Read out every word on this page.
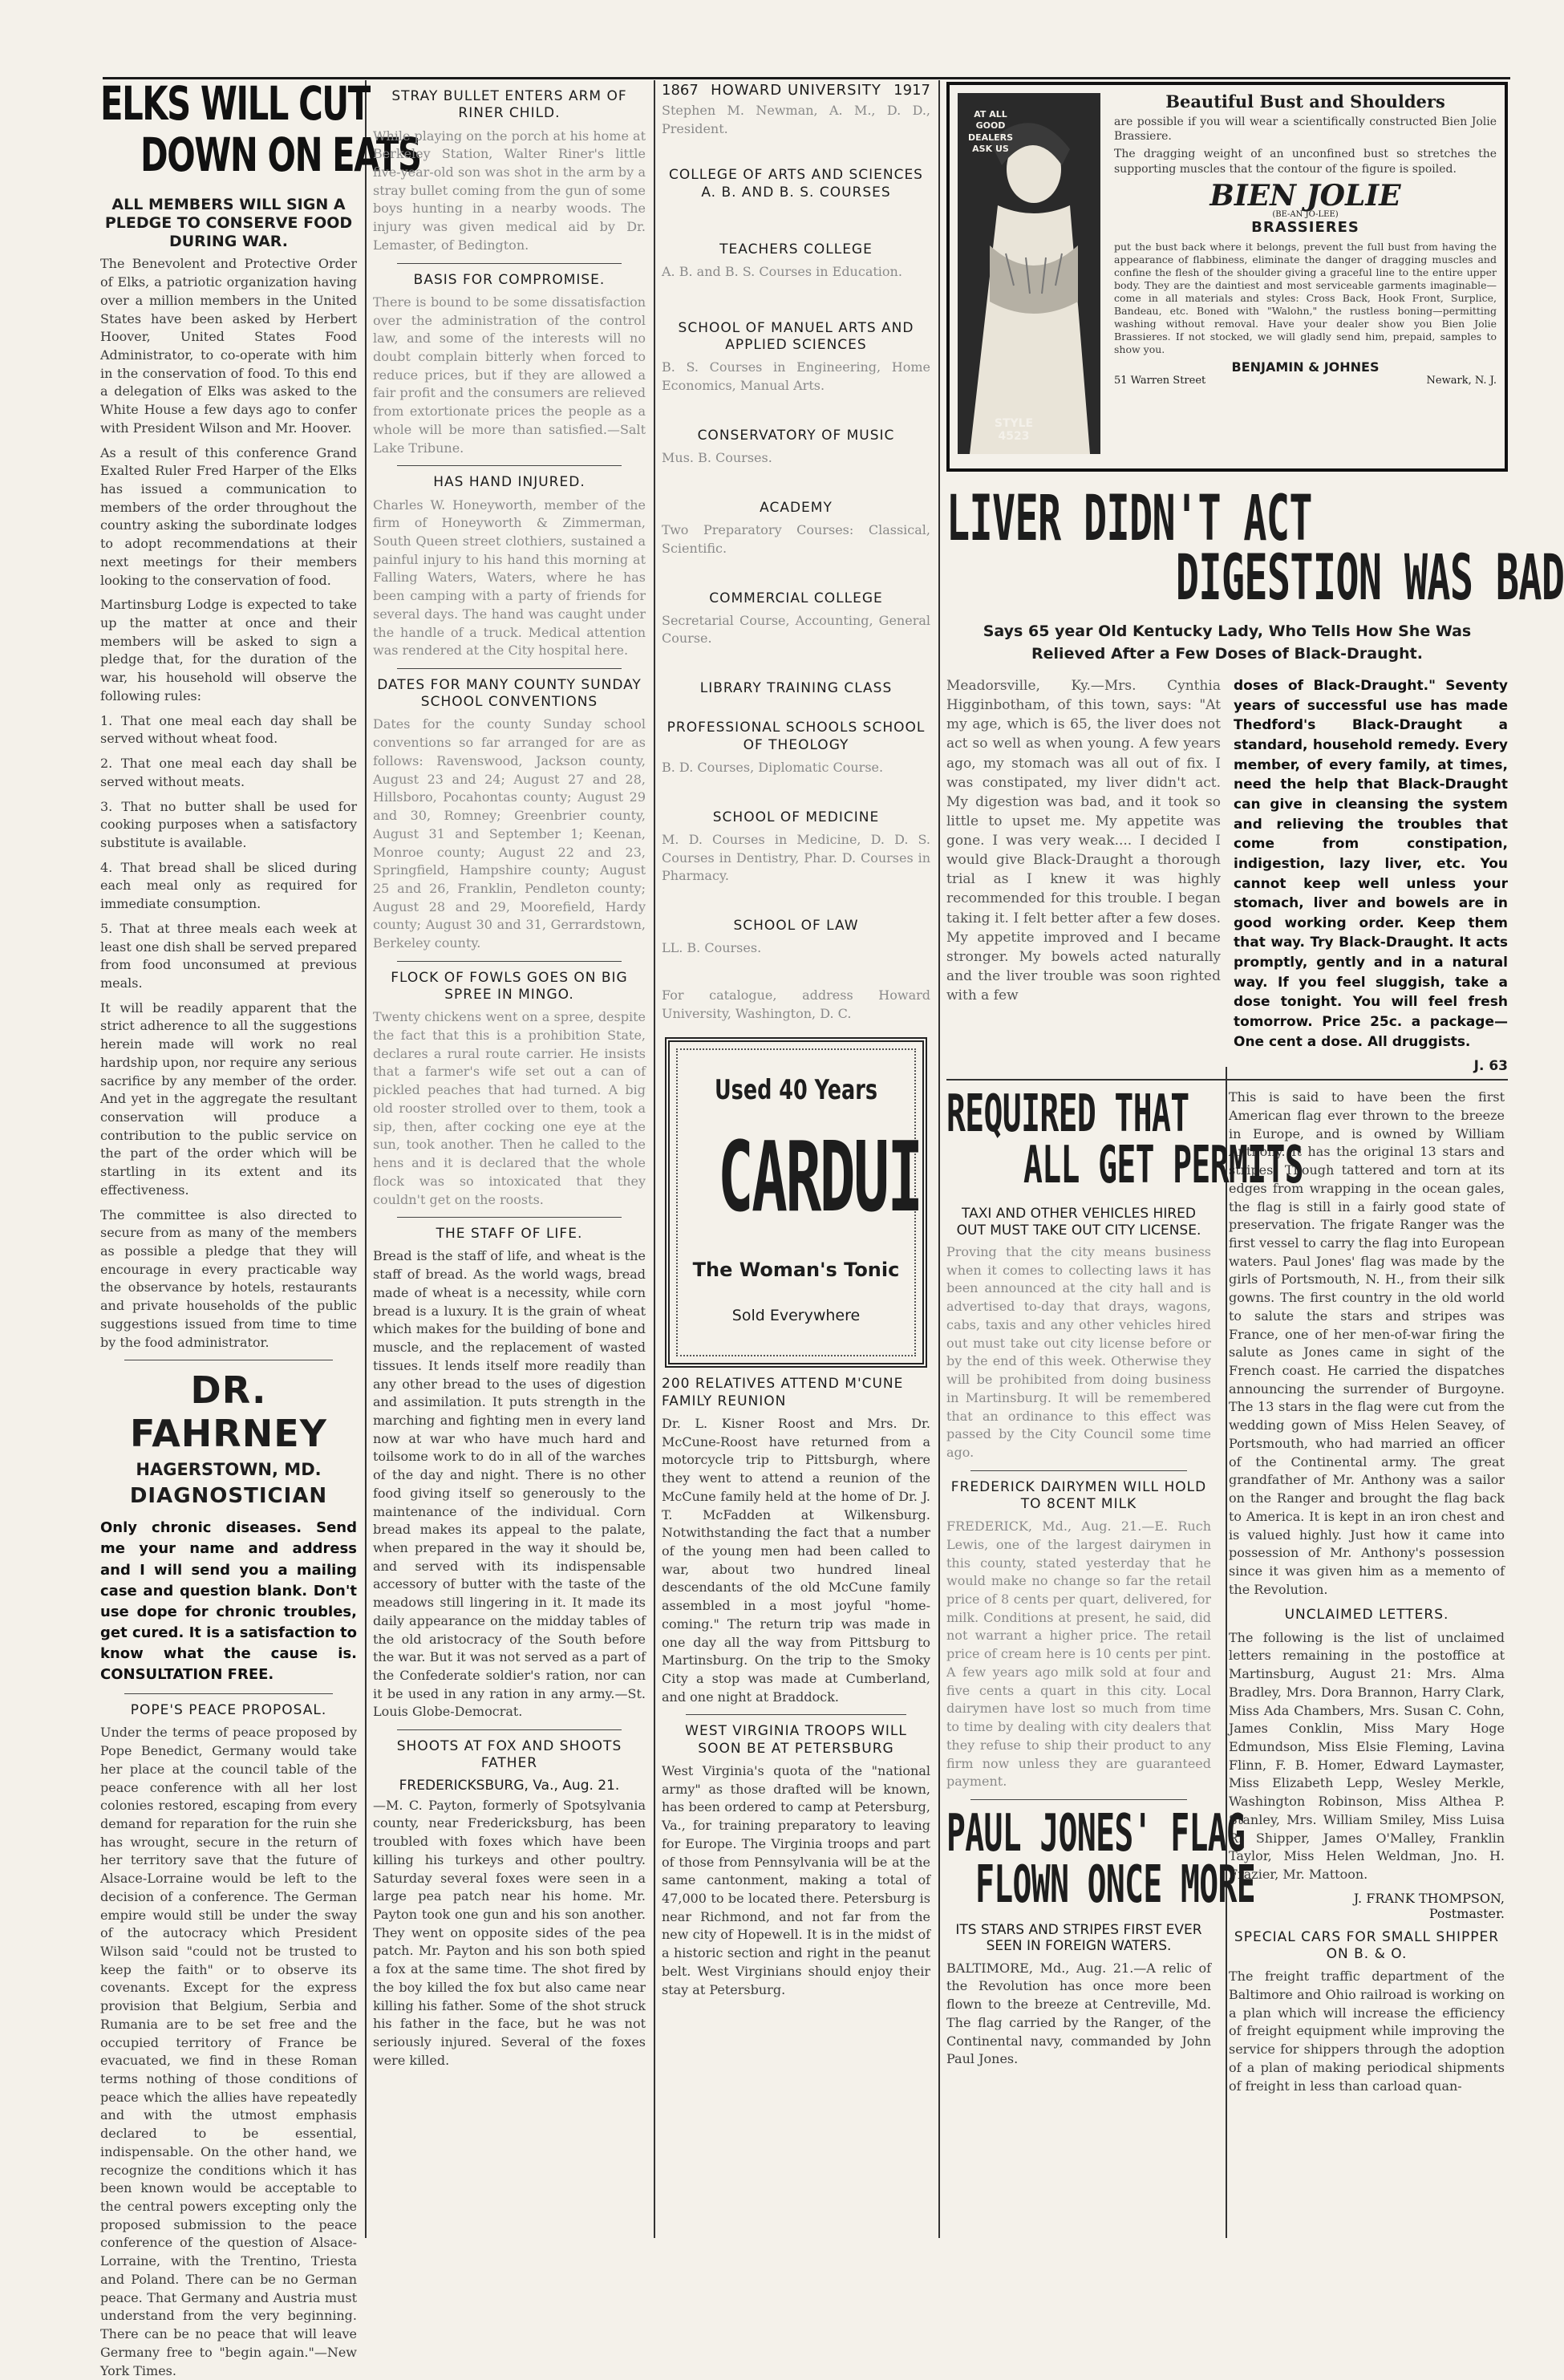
ELKS WILL CUT
DOWN ON EATS
ALL MEMBERS WILL SIGN A PLEDGE TO CONSERVE FOOD DURING WAR.

The Benevolent and Protective Order of Elks, a patriotic organization having over a million members in the United States have been asked by Herbert Hoover, United States Food Administrator, to co-operate with him in the conservation of food. To this end a delegation of Elks was asked to the White House a few days ago to confer with President Wilson and Mr. Hoover.

As a result of this conference Grand Exalted Ruler Fred Harper of the Elks has issued a communication to members of the order throughout the country asking the subordinate lodges to adopt recommendations at their next meetings for their members looking to the conservation of food.

Martinsburg Lodge is expected to take up the matter at once and their members will be asked to sign a pledge that, for the duration of the war, his household will observe the following rules:

1. That one meal each day shall be served without wheat food.

2. That one meal each day shall be served without meats.

3. That no butter shall be used for cooking purposes when a satisfactory substitute is available.

4. That bread shall be sliced during each meal only as required for immediate consumption.

5. That at three meals each week at least one dish shall be served prepared from food unconsumed at previous meals.

It will be readily apparent that the strict adherence to all the suggestions herein made will work no real hardship upon, nor require any serious sacrifice by any member of the order. And yet in the aggregate the resultant conservation will produce a contribution to the public service on the part of the order which will be startling in its extent and its effectiveness.

The committee is also directed to secure from as many of the members as possible a pledge that they will encourage in every practicable way the observance by hotels, restaurants and private households of the public suggestions issued from time to time by the food administrator.

DR. FAHRNEY
HAGERSTOWN, MD.
DIAGNOSTICIAN

Only chronic diseases. Send me your name and address and I will send you a mailing case and question blank. Don't use dope for chronic troubles, get cured. It is a satisfaction to know what the cause is. CONSULTATION FREE.

POPE'S PEACE PROPOSAL.

Under the terms of peace proposed by Pope Benedict, Germany would take her place at the council table of the peace conference with all her lost colonies restored, escaping from every demand for reparation for the ruin she has wrought, secure in the return of her territory save that the future of Alsace-Lorraine would be left to the decision of a conference. The German empire would still be under the sway of the autocracy which President Wilson said "could not be trusted to keep the faith" or to observe its covenants. Except for the express provision that Belgium, Serbia and Rumania are to be set free and the occupied territory of France be evacuated, we find in these Roman terms nothing of those conditions of peace which the allies have repeatedly and with the utmost emphasis declared to be essential, indispensable. On the other hand, we recognize the conditions which it has been known would be acceptable to the central powers excepting only the proposed submission to the peace conference of the question of Alsace-Lorraine, with the Trentino, Triesta and Poland. There can be no German peace. That Germany and Austria must understand from the very beginning. There can be no peace that will leave Germany free to "begin again."—New York Times.

STRAY BULLET ENTERS ARM OF RINER CHILD.

While playing on the porch at his home at Berkeley Station, Walter Riner's little five-year-old son was shot in the arm by a stray bullet coming from the gun of some boys hunting in a nearby woods. The injury was given medical aid by Dr. Lemaster, of Bedington.

BASIS FOR COMPROMISE.

There is bound to be some dissatisfaction over the administration of the control law, and some of the interests will no doubt complain bitterly when forced to reduce prices, but if they are allowed a fair profit and the consumers are relieved from extortionate prices the people as a whole will be more than satisfied.—Salt Lake Tribune.

HAS HAND INJURED.

Charles W. Honeyworth, member of the firm of Honeyworth & Zimmerman, South Queen street clothiers, sustained a painful injury to his hand this morning at Falling Waters, Waters, where he has been camping with a party of friends for several days. The hand was caught under the handle of a truck. Medical attention was rendered at the City hospital here.

DATES FOR MANY COUNTY SUNDAY SCHOOL CONVENTIONS

Dates for the county Sunday school conventions so far arranged for are as follows: Ravenswood, Jackson county, August 23 and 24; August 27 and 28, Hillsboro, Pocahontas county; August 29 and 30, Romney; Greenbrier county, August 31 and September 1; Keenan, Monroe county; August 22 and 23, Springfield, Hampshire county; August 25 and 26, Franklin, Pendleton county; August 28 and 29, Moorefield, Hardy county; August 30 and 31, Gerrardstown, Berkeley county.

FLOCK OF FOWLS GOES ON BIG SPREE IN MINGO.

Twenty chickens went on a spree, despite the fact that this is a prohibition State, declares a rural route carrier. He insists that a farmer's wife set out a can of pickled peaches that had turned. A big old rooster strolled over to them, took a sip, then, after cocking one eye at the sun, took another. Then he called to the hens and it is declared that the whole flock was so intoxicated that they couldn't get on the roosts.

THE STAFF OF LIFE.

Bread is the staff of life, and wheat is the staff of bread. As the world wags, bread made of wheat is a necessity, while corn bread is a luxury. It is the grain of wheat which makes for the building of bone and muscle, and the replacement of wasted tissues. It lends itself more readily than any other bread to the uses of digestion and assimilation. It puts strength in the marching and fighting men in every land now at war who have much hard and toilsome work to do in all of the warches of the day and night. There is no other food giving itself so generously to the maintenance of the individual. Corn bread makes its appeal to the palate, when prepared in the way it should be, and served with its indispensable accessory of butter with the taste of the meadows still lingering in it. It made its daily appearance on the midday tables of the old aristocracy of the South before the war. But it was not served as a part of the Confederate soldier's ration, nor can it be used in any ration in any army.—St. Louis Globe-Democrat.

SHOOTS AT FOX AND SHOOTS FATHER
FREDERICKSBURG, Va., Aug. 21.

—M. C. Payton, formerly of Spotsylvania county, near Fredericksburg, has been troubled with foxes which have been killing his turkeys and other poultry. Saturday several foxes were seen in a large pea patch near his home. Mr. Payton took one gun and his son another. They went on opposite sides of the pea patch. Mr. Payton and his son both spied a fox at the same time. The shot fired by the boy killed the fox but also came near killing his father. Some of the shot struck his father in the face, but he was not seriously injured. Several of the foxes were killed.

1867 HOWARD UNIVERSITY 1917

Stephen M. Newman, A. M., D. D., President.

COLLEGE OF ARTS AND SCIENCES A. B. AND B. S. COURSES
TEACHERS COLLEGE

A. B. and B. S. Courses in Education.

SCHOOL OF MANUEL ARTS AND APPLIED SCIENCES

B. S. Courses in Engineering, Home Economics, Manual Arts.

CONSERVATORY OF MUSIC

Mus. B. Courses.

ACADEMY

Two Preparatory Courses: Classical, Scientific.

COMMERCIAL COLLEGE

Secretarial Course, Accounting, General Course.

LIBRARY TRAINING CLASS
PROFESSIONAL SCHOOLS SCHOOL OF THEOLOGY

B. D. Courses, Diplomatic Course.

SCHOOL OF MEDICINE

M. D. Courses in Medicine, D. D. S. Courses in Dentistry, Phar. D. Courses in Pharmacy.

SCHOOL OF LAW

LL. B. Courses.

For catalogue, address Howard University, Washington, D. C.

Used 40 Years
CARDUI
The Woman's Tonic
Sold Everywhere
200 RELATIVES ATTEND M'CUNE FAMILY REUNION

Dr. L. Kisner Roost and Mrs. Dr. McCune-Roost have returned from a motorcycle trip to Pittsburgh, where they went to attend a reunion of the McCune family held at the home of Dr. J. T. McFadden at Wilkensburg. Notwithstanding the fact that a number of the young men had been called to war, about two hundred lineal descendants of the old McCune family assembled in a most joyful "home-coming." The return trip was made in one day all the way from Pittsburg to Martinsburg. On the trip to the Smoky City a stop was made at Cumberland, and one night at Braddock.

WEST VIRGINIA TROOPS WILL SOON BE AT PETERSBURG

West Virginia's quota of the "national army" as those drafted will be known, has been ordered to camp at Petersburg, Va., for training preparatory to leaving for Europe. The Virginia troops and part of those from Pennsylvania will be at the same cantonment, making a total of 47,000 to be located there. Petersburg is near Richmond, and not far from the new city of Hopewell. It is in the midst of a historic section and right in the peanut belt. West Virginians should enjoy their stay at Petersburg.

AT ALL GOOD DEALERS ASK US
STYLE 4523
Beautiful Bust and Shoulders

are possible if you will wear a scientifically constructed Bien Jolie Brassiere.

The dragging weight of an unconfined bust so stretches the supporting muscles that the contour of the figure is spoiled.

BIEN JOLIE
(BE-AN JO-LEE)
BRASSIERES

put the bust back where it belongs, prevent the full bust from having the appearance of flabbiness, eliminate the danger of dragging muscles and confine the flesh of the shoulder giving a graceful line to the entire upper body. They are the daintiest and most serviceable garments imaginable—come in all materials and styles: Cross Back, Hook Front, Surplice, Bandeau, etc. Boned with "Walohn," the rustless boning—permitting washing without removal. Have your dealer show you Bien Jolie Brassieres. If not stocked, we will gladly send him, prepaid, samples to show you.

BENJAMIN & JOHNES
51 Warren Street	Newark, N. J.
LIVER DIDN'T ACT
DIGESTION WAS BAD
Says 65 year Old Kentucky Lady, Who Tells How She Was Relieved After a Few Doses of Black-Draught.

Meadorsville, Ky.—Mrs. Cynthia Higginbotham, of this town, says: "At my age, which is 65, the liver does not act so well as when young. A few years ago, my stomach was all out of fix. I was constipated, my liver didn't act. My digestion was bad, and it took so little to upset me. My appetite was gone. I was very weak.... I decided I would give Black-Draught a thorough trial as I knew it was highly recommended for this trouble. I began taking it. I felt better after a few doses. My appetite improved and I became stronger. My bowels acted naturally and the liver trouble was soon righted with a few

doses of Black-Draught." Seventy years of successful use has made Thedford's Black-Draught a standard, household remedy. Every member, of every family, at times, need the help that Black-Draught can give in cleansing the system and relieving the troubles that come from constipation, indigestion, lazy liver, etc. You cannot keep well unless your stomach, liver and bowels are in good working order. Keep them that way. Try Black-Draught. It acts promptly, gently and in a natural way. If you feel sluggish, take a dose tonight. You will feel fresh tomorrow. Price 25c. a package—One cent a dose. All druggists.

J. 63
REQUIRED THAT
ALL GET PERMITS
TAXI AND OTHER VEHICLES HIRED OUT MUST TAKE OUT CITY LICENSE.

Proving that the city means business when it comes to collecting laws it has been announced at the city hall and is advertised to-day that drays, wagons, cabs, taxis and any other vehicles hired out must take out city license before or by the end of this week. Otherwise they will be prohibited from doing business in Martinsburg. It will be remembered that an ordinance to this effect was passed by the City Council some time ago.

FREDERICK DAIRYMEN WILL HOLD TO 8CENT MILK

FREDERICK, Md., Aug. 21.—E. Ruch Lewis, one of the largest dairymen in this county, stated yesterday that he would make no change so far the retail price of 8 cents per quart, delivered, for milk. Conditions at present, he said, did not warrant a higher price. The retail price of cream here is 10 cents per pint. A few years ago milk sold at four and five cents a quart in this city. Local dairymen have lost so much from time to time by dealing with city dealers that they refuse to ship their product to any firm now unless they are guaranteed payment.

PAUL JONES' FLAG
FLOWN ONCE MORE
ITS STARS AND STRIPES FIRST EVER SEEN IN FOREIGN WATERS.

BALTIMORE, Md., Aug. 21.—A relic of the Revolution has once more been flown to the breeze at Centreville, Md. The flag carried by the Ranger, of the Continental navy, commanded by John Paul Jones.

This is said to have been the first American flag ever thrown to the breeze in Europe, and is owned by William Anthony. It has the original 13 stars and stripes. Though tattered and torn at its edges from wrapping in the ocean gales, the flag is still in a fairly good state of preservation. The frigate Ranger was the first vessel to carry the flag into European waters. Paul Jones' flag was made by the girls of Portsmouth, N. H., from their silk gowns. The first country in the old world to salute the stars and stripes was France, one of her men-of-war firing the salute as Jones came in sight of the French coast. He carried the dispatches announcing the surrender of Burgoyne. The 13 stars in the flag were cut from the wedding gown of Miss Helen Seavey, of Portsmouth, who had married an officer of the Continental army. The great grandfather of Mr. Anthony was a sailor on the Ranger and brought the flag back to America. It is kept in an iron chest and is valued highly. Just how it came into possession of Mr. Anthony's possession since it was given him as a memento of the Revolution.

UNCLAIMED LETTERS.

The following is the list of unclaimed letters remaining in the postoffice at Martinsburg, August 21: Mrs. Alma Bradley, Mrs. Dora Brannon, Harry Clark, Miss Ada Chambers, Mrs. Susan C. Cohn, James Conklin, Miss Mary Hoge Edmundson, Miss Elsie Fleming, Lavina Flinn, F. B. Homer, Edward Laymaster, Miss Elizabeth Lepp, Wesley Merkle, Washington Robinson, Miss Althea P. Stanley, Mrs. William Smiley, Miss Luisa R. Shipper, James O'Malley, Franklin Taylor, Miss Helen Weldman, Jno. H. Frazier, Mr. Mattoon.

J. FRANK THOMPSON,
Postmaster.
SPECIAL CARS FOR SMALL SHIPPER ON B. & O.

The freight traffic department of the Baltimore and Ohio railroad is working on a plan which will increase the efficiency of freight equipment while improving the service for shippers through the adoption of a plan of making periodical shipments of freight in less than carload quan-
